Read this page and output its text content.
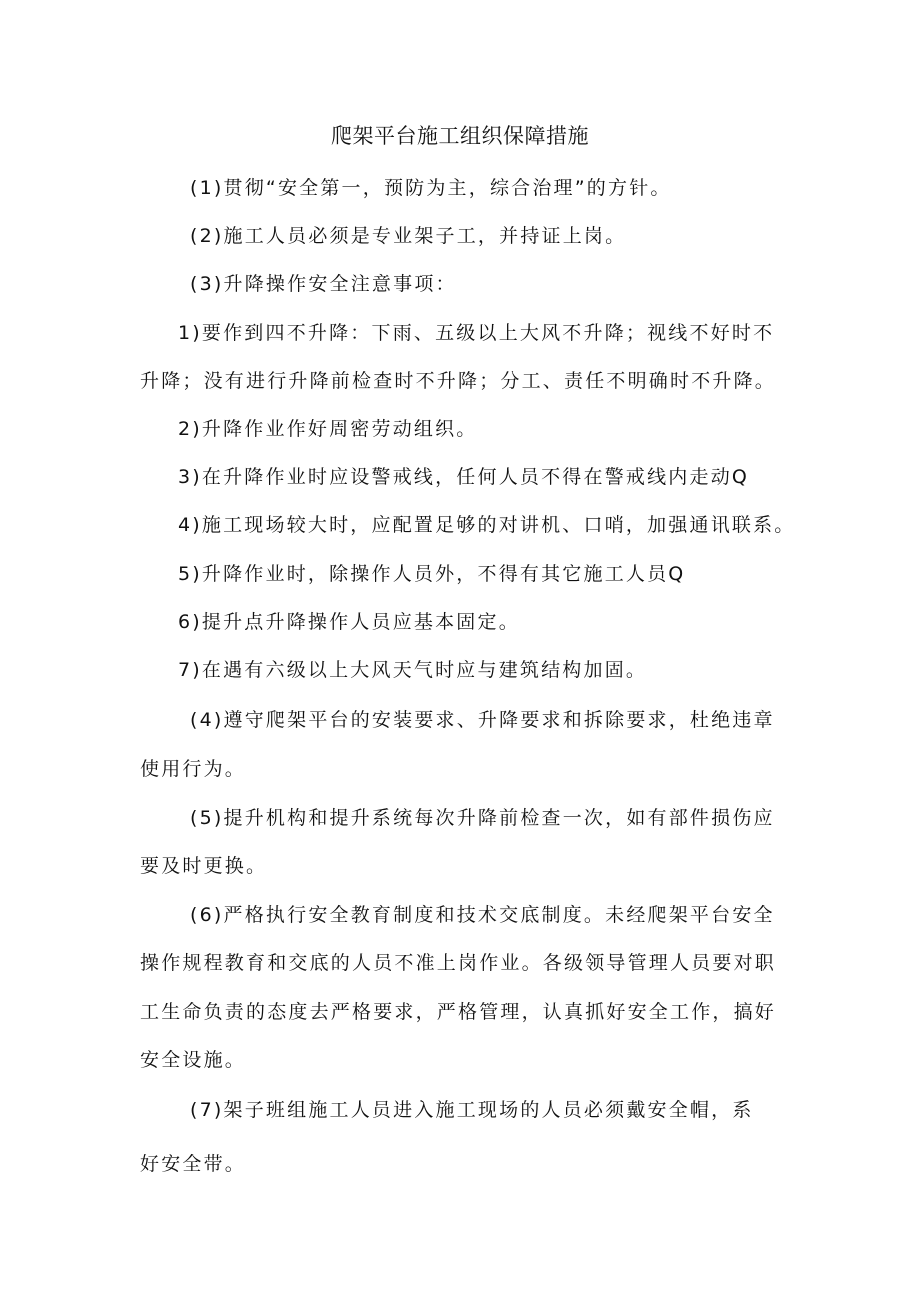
爬架平台施工组织保障措施
(1)贯彻“安全第一，预防为主，综合治理”的方针。
(2)施工人员必须是专业架子工，并持证上岗。
(3)升降操作安全注意事项：
1)要作到四不升降：下雨、五级以上大风不升降；视线不好时不
升降；没有进行升降前检查时不升降；分工、责任不明确时不升降。
2)升降作业作好周密劳动组织。
3)在升降作业时应设警戒线，任何人员不得在警戒线内走动Q
4)施工现场较大时，应配置足够的对讲机、口哨，加强通讯联系。
5)升降作业时，除操作人员外，不得有其它施工人员Q
6)提升点升降操作人员应基本固定。
7)在遇有六级以上大风天气时应与建筑结构加固。
(4)遵守爬架平台的安装要求、升降要求和拆除要求，杜绝违章
使用行为。
(5)提升机构和提升系统每次升降前检查一次，如有部件损伤应
要及时更换。
(6)严格执行安全教育制度和技术交底制度。未经爬架平台安全
操作规程教育和交底的人员不准上岗作业。各级领导管理人员要对职
工生命负责的态度去严格要求，严格管理，认真抓好安全工作，搞好
安全设施。
(7)架子班组施工人员进入施工现场的人员必须戴安全帽，系
好安全带。
